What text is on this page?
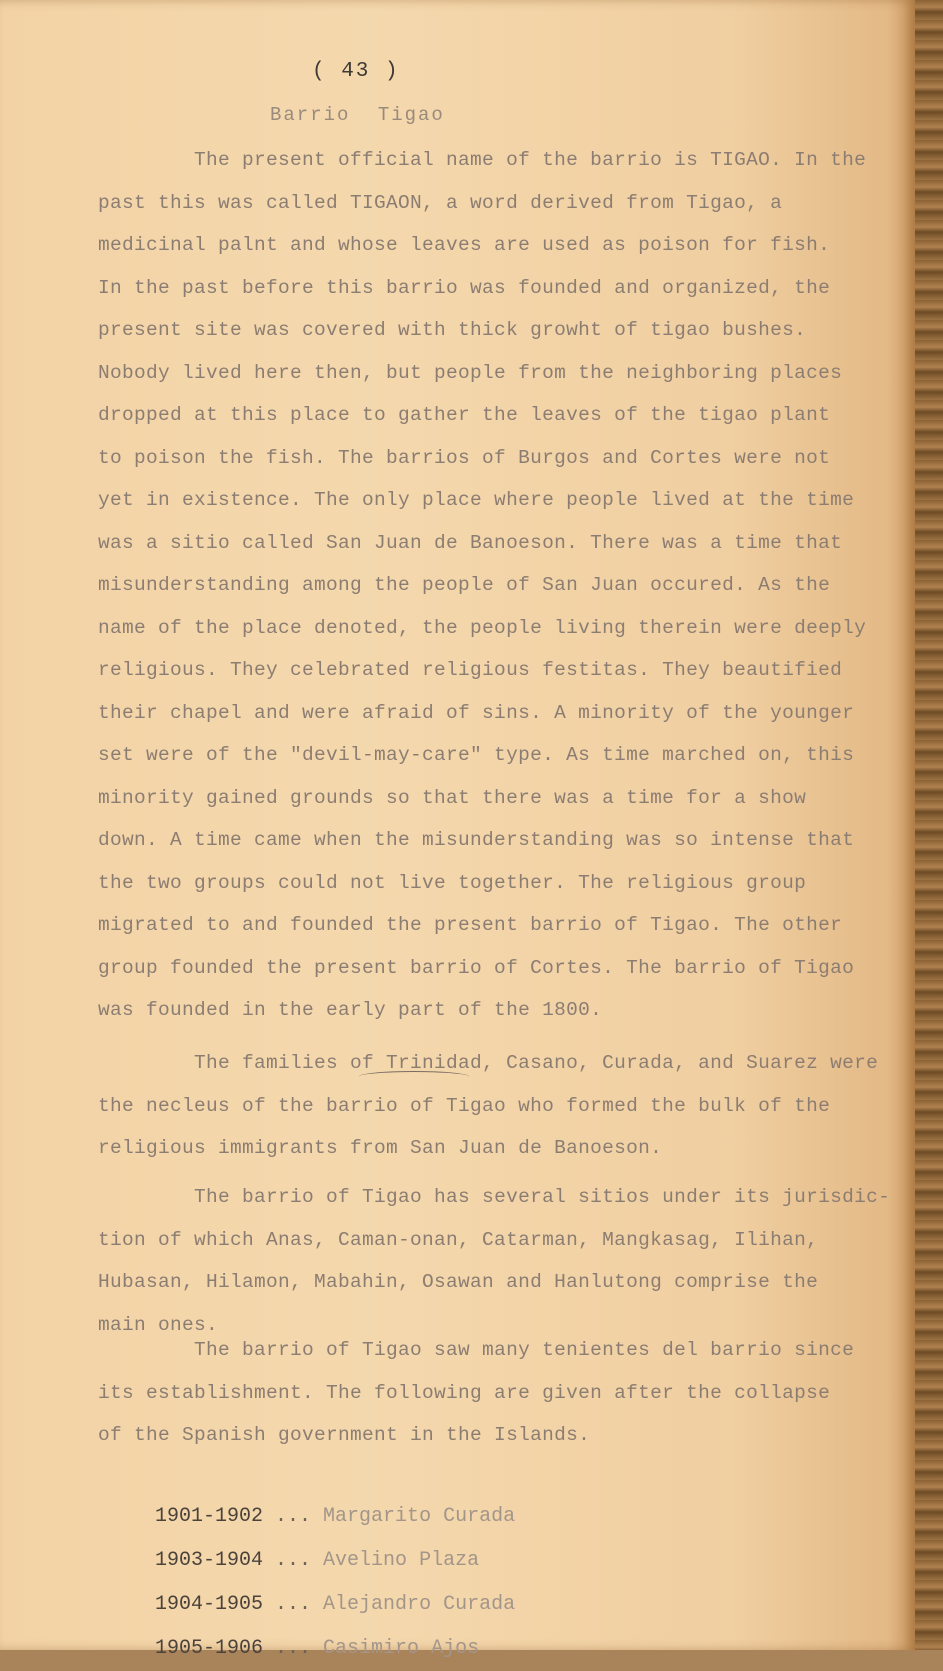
( 43 )
Barrio Tigao

The present official name of the barrio is TIGAO. In the
past this was called TIGAON, a word derived from Tigao, a
medicinal palnt and whose leaves are used as poison for fish.
In the past before this barrio was founded and organized, the
present site was covered with thick growht of tigao bushes.
Nobody lived here then, but people from the neighboring places
dropped at this place to gather the leaves of the tigao plant
to poison the fish. The barrios of Burgos and Cortes were not
yet in existence. The only place where people lived at the time
was a sitio called San Juan de Banoeson. There was a time that
misunderstanding among the people of San Juan occured. As the
name of the place denoted, the people living therein were deeply
religious. They celebrated religious festitas. They beautified
their chapel and were afraid of sins. A minority of the younger
set were of the "devil-may-care" type. As time marched on, this
minority gained grounds so that there was a time for a show
down. A time came when the misunderstanding was so intense that
the two groups could not live together. The religious group
migrated to and founded the present barrio of Tigao. The other
group founded the present barrio of Cortes. The barrio of Tigao
was founded in the early part of the 1800.

The families of Trinidad, Casano, Curada, and Suarez were
the necleus of the barrio of Tigao who formed the bulk of the
religious immigrants from San Juan de Banoeson.

The barrio of Tigao has several sitios under its jurisdic-
tion of which Anas, Caman-onan, Catarman, Mangkasag, Ilihan,
Hubasan, Hilamon, Mabahin, Osawan and Hanlutong comprise the
main ones.

The barrio of Tigao saw many tenientes del barrio since
its establishment. The following are given after the collapse
of the Spanish government in the Islands.

1901-1902 ... Margarito Curada
1903-1904 ... Avelino Plaza
1904-1905 ... Alejandro Curada
1905-1906 ... Casimiro Ajos
